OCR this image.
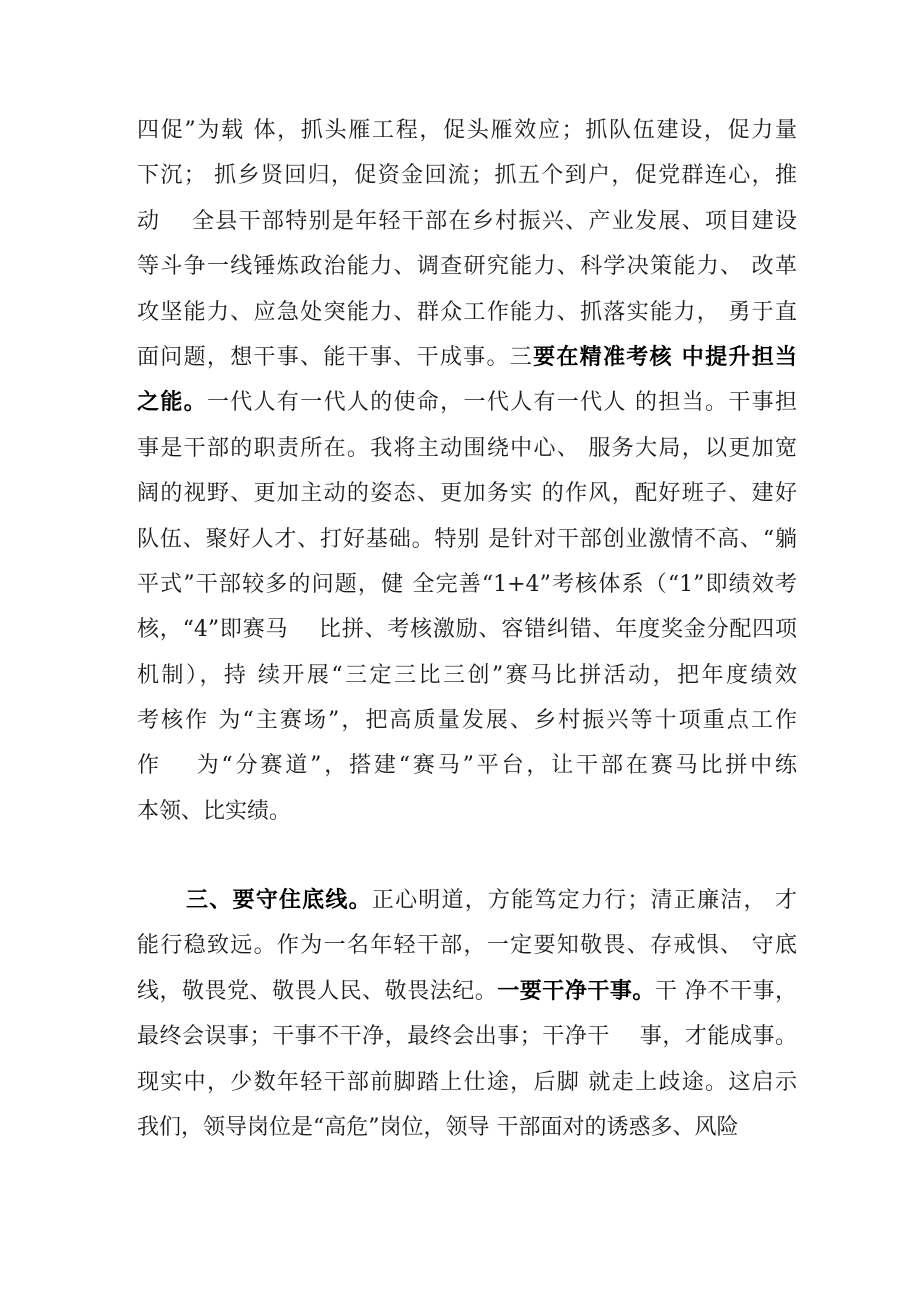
四促”为载 体，抓头雁工程，促头雁效应；抓队伍建设，促力量
下沉； 抓乡贤回归，促资金回流；抓五个到户，促党群连心，推
动　 全县干部特别是年轻干部在乡村振兴、产业发展、项目建设
等斗争一线锤炼政治能力、调查研究能力、科学决策能力、 改革
攻坚能力、应急处突能力、群众工作能力、抓落实能力， 勇于直
面问题，想干事、能干事、干成事。三要在精准考核 中提升担当
之能。一代人有一代人的使命，一代人有一代人 的担当。干事担
事是干部的职责所在。我将主动围绕中心、 服务大局，以更加宽
阔的视野、更加主动的姿态、更加务实 的作风，配好班子、建好
队伍、聚好人才、打好基础。特别 是针对干部创业激情不高、“躺
平式”干部较多的问题，健 全完善“1+4”考核体系（“1”即绩效考
核，“4”即赛马　 比拼、考核激励、容错纠错、年度奖金分配四项
机制），持 续开展“三定三比三创”赛马比拼活动，把年度绩效
考核作 为“主赛场”，把高质量发展、乡村振兴等十项重点工作
作　 为“分赛道”，搭建“赛马”平台，让干部在赛马比拼中练
本领、比实绩。
三、要守住底线。正心明道，方能笃定力行；清正廉洁， 才
能行稳致远。作为一名年轻干部，一定要知敬畏、存戒惧、 守底
线，敬畏党、敬畏人民、敬畏法纪。一要干净干事。干 净不干事，
最终会误事；干事不干净，最终会出事；干净干　 事，才能成事。
现实中，少数年轻干部前脚踏上仕途，后脚 就走上歧途。这启示
我们，领导岗位是“高危”岗位，领导 干部面对的诱惑多、风险
